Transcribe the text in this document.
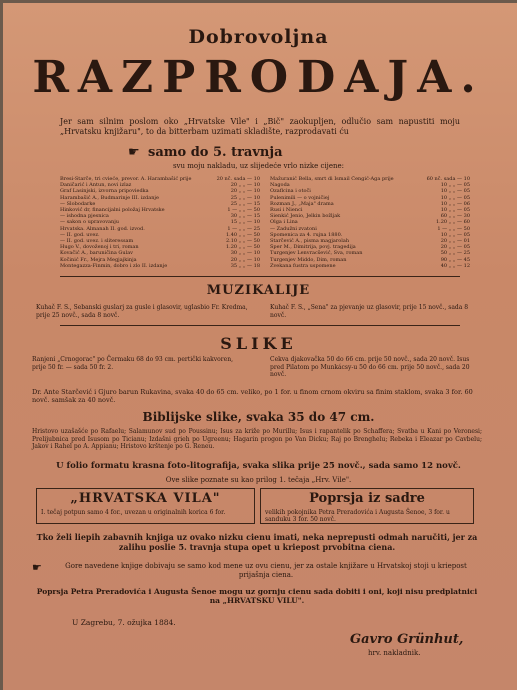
Dobrovoljna
RAZPRODAJA.
Jer sam silnim poslom oko „Hrvatske Vile" i „Bič" zaokupljen, odlučio sam napustiti moju „Hrvatsku knjižaru", to da bitterbam uzimati skladište, razprodavati ću
☛ samo do 5. travnja
svu moju nakladu, uz slijedeće vrlo nizke cijene:
20 nč. sada — 10
Bresi-Starče, tri cvieće, prevor. A. Harambašić prije
20 „ „ — 10
Daničarić i Antun, novi izlaz
20 „ „ — 10
Graf Lasinjski, izvorna pripoviedka
25 „ „ — 10
Harambašić A., Budmarinje III. izdanje
25 „ „ — 15
— Slobodarke
1 — „ „ — 50
Hinković dr, financijalni položaj Hrvatske
30 „ „ — 15
— ishodna pjesnica
15 „ „ — 10
— sakon o upravovanju
1 — „ „ — 25
Hrvatska. Almanah II. god. izvod.
1.40 „ „ — 50
— II. god. uvez.
2.10 „ „ — 50
— II. god. uvez. i sliteressam
1.20 „ „ — 50
Hugo V., dovoženoj i tri, roman
30 „ „ — 10
Kovačić A., baruničina Gulav
20 „ „ — 10
Kočinić Fr., Mejra Megjajkinja
35 „ „ — 18
Montegazza-Finmin, dobro i zlo II. izdanje
60 nč. sada — 10
Mažuranić Bella, smrt di Ismail Čengić-Aga prije
10 „ „ — 05
Nagoda
10 „ „ — 05
Ozaflcina i otoči
10 „ „ — 05
Pulenimili — o vojničiej
10 „ „ — 06
Rozman J., „Maja" drama
10 „ „ — 05
Rusi i Nienci
60 „ „ — 30
Sienkić Jenio, Jelkin božljak
1.20 „ „ — 60
Olga i Lina
1 — „ „ — 50
— Zadužni zvatoni
10 „ „ — 05
Spomenica za 4. rujna 1880.
20 „ „ — 01
Starčević A., pisma magjarolah
20 „ „ — 05
Šper M., Dimitrija, povj. tragedija
50 „ „ — 25
Turgenjev Lenvracšević, Sva, roman
90 „ „ — 45
Turgenjev Middo, Dim, roman
40 „ „ — 12
Zvekana fustra uspomene
MUZIKALIJE
Kuhač F. S., Sebanski guslarj za gusle i glasovir, uglasbio Fr. Kredma, prije 25 novč., sada 8 novč.
Kuhač F. S., „Sena" za pjevanje uz glasovir, prije 15 novč., sada 8 novč.
SLIKE
Ranjeni „Crnogorac" po Čermaku 68 do 93 cm. pertički kakvoren, prije 50 fr. — sada 50 fr. 2.
Cekva djakovačka 50 do 66 cm. prije 50 novč., sada 20 novč. Isus pred Pilatom po Munkácsy-u 50 do 66 cm. prije 50 novč., sada 20 novč.
Dr. Ante Starčević i Gjuro barun Rukavina, svaka 40 do 65 cm. veliko, po 1 for. u finom crnom okviru sa finim staklom, svaka 3 for. 60 novč. samšak za 40 novč.
Biblijske slike, svaka 35 do 47 cm.
Hristovo uzašašće po Rafaelu; Salamunov sud po Poussinu; Isus za križe po Murillu; Isus i rapantelik po Schaffera; Svatba u Kani po Veronesi; Prelijubnica pred Isusom po Ticianu; Izdašni grieh po Ugreenu; Hagarin progon po Van Dicku; Raj po Brenghelu; Rebeka i Eleazar po Cavbelu; Jakov i Rahel po A. Appianu; Hristovo krštenje po G. Reneu.
U folio formatu krasna foto-litografija, svaka slika prije 25 novč., sada samo 12 novč.
Ove slike poznate su kao prilog 1. tečaja „Hrv. Vile".
„HRVATSKA VILA"
I. tečaj potpun samo 4 for., uvezan u originalnih korica 6 for.
Poprsja iz sadre
velikih pokojnika Petra Preradovića i Augusta Šenoe, 3 for. u sanduku 3 for. 50 novč.
Tko želi liepih zabavnih knjiga uz ovako nizku cienu imati, neka neprepusti odmah naručiti, jer za zalihu poslie 5. travnja stupa opet u kriepost prvobitna ciena.
☛	Gore navedene knjige dobivaju se samo kod mene uz ovu cienu, jer za ostale knjižare u Hrvatskoj stoji u kriepost prijašnja ciena.
Poprsja Petra Preradovića i Augusta Šenoe mogu uz gornju cienu sada dobiti i oni, koji nisu predplatnici na „HRVATSKU VILU".
U Zagrebu, 7. ožujka 1884.
Gavro Grünhut,
hrv. nakladnik.
